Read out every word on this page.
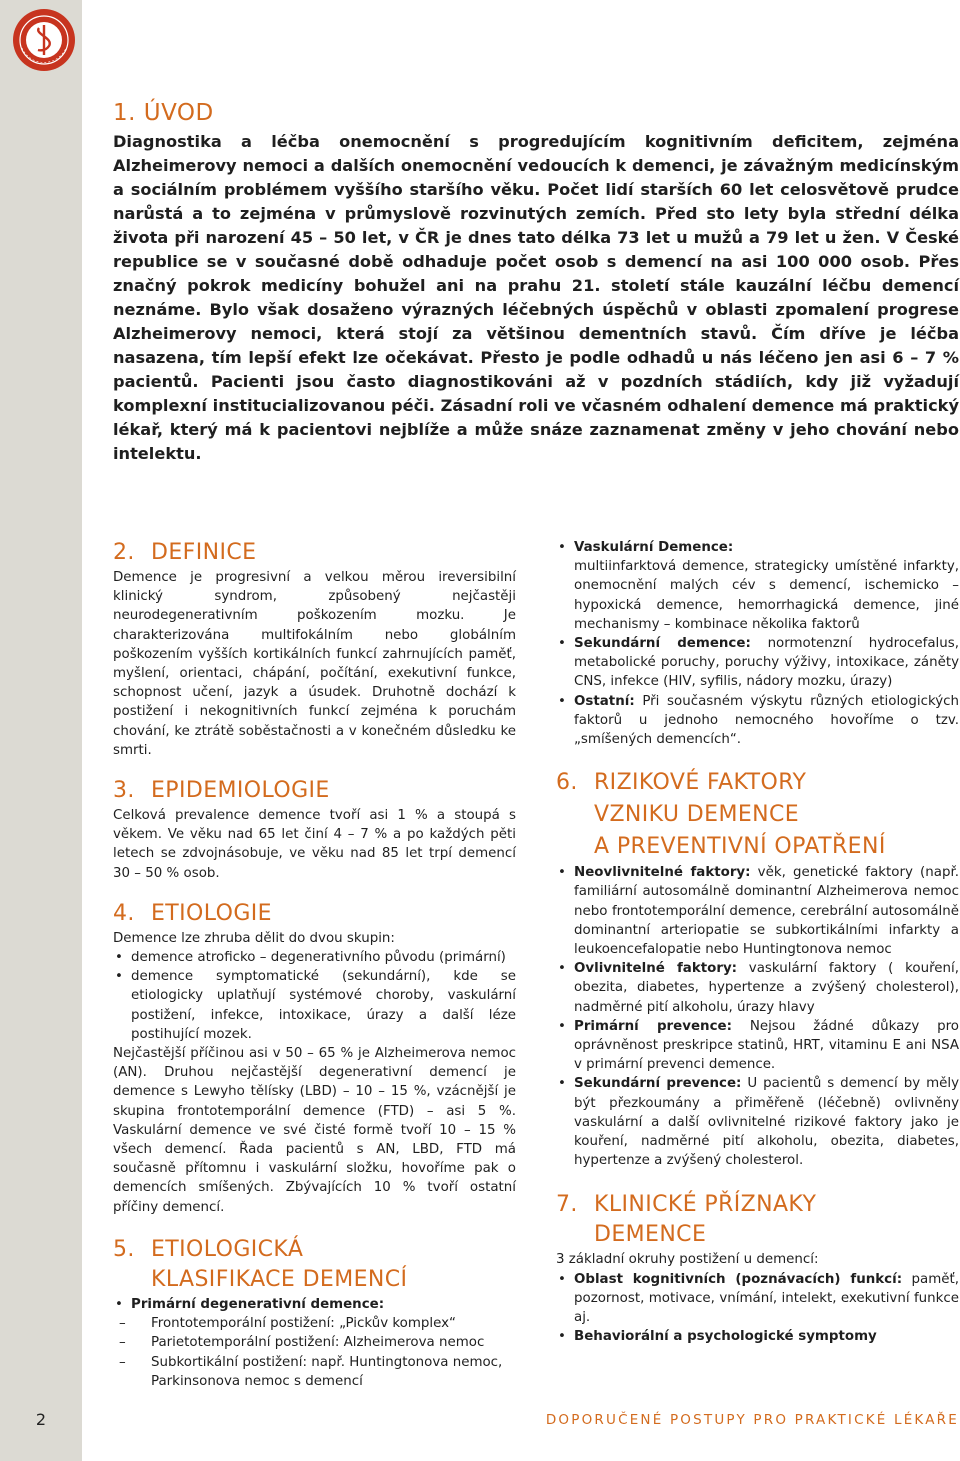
2
1. ÚVOD

Diagnostika a léčba onemocnění s progredujícím kognitivním deficitem, zejména Alzheimerovy nemoci a dalších onemocnění vedoucích k demenci, je závažným medicínským a sociálním problémem vyššího staršího věku. Počet lidí starších 60 let celosvětově prudce narůstá a to zejména v průmyslově rozvinutých zemích. Před sto lety byla střední délka života při narození 45 – 50 let, v ČR je dnes tato délka 73 let u mužů a 79 let u žen. V České republice se v současné době odhaduje počet osob s demencí na asi 100 000 osob. Přes značný pokrok medicíny bohužel ani na prahu 21. století stále kauzální léčbu demencí neznáme. Bylo však dosaženo výrazných léčebných úspěchů v oblasti zpomalení progrese Alzheimerovy nemoci, která stojí za většinou dementních stavů. Čím dříve je léčba nasazena, tím lepší efekt lze očekávat. Přesto je podle odhadů u nás léčeno jen asi 6 – 7 % pacientů. Pacienti jsou často diagnostikováni až v pozdních stádiích, kdy již vyžadují komplexní institucializovanou péči. Zásadní roli ve včasném odhalení demence má praktický lékař, který má k pacientovi nejblíže a může snáze zaznamenat změny v jeho chování nebo intelektu.

2. DEFINICE

Demence je progresivní a velkou měrou ireversibilní klinický syndrom, způsobený nejčastěji neurodegenerativním poškozením mozku. Je charakterizována multifokálním nebo globálním poškozením vyšších kortikálních funkcí zahrnujících paměť, myšlení, orientaci, chápání, počítání, exekutivní funkce, schopnost učení, jazyk a úsudek. Druhotně dochází k postižení i nekognitivních funkcí zejména k poruchám chování, ke ztrátě soběstačnosti a v konečném důsledku ke smrti.

3. EPIDEMIOLOGIE

Celková prevalence demence tvoří asi 1 % a stoupá s věkem. Ve věku nad 65 let činí 4 – 7 % a po každých pěti letech se zdvojnásobuje, ve věku nad 85 let trpí demencí 30 – 50 % osob.

4. ETIOLOGIE

Demence lze zhruba dělit do dvou skupin:

• demence atroficko – degenerativního původu (primární)
• demence symptomatické (sekundární), kde se etiologicky uplatňují systémové choroby, vaskulární postižení, infekce, intoxikace, úrazy a další léze postihující mozek.

Nejčastější příčinou asi v 50 – 65 % je Alzheimerova nemoc (AN). Druhou nejčastější degenerativní demencí je demence s Lewyho tělísky (LBD) – 10 – 15 %, vzácnější je skupina frontotemporální demence (FTD) – asi 5 %. Vaskulární demence ve své čisté formě tvoří 10 – 15 % všech demencí. Řada pacientů s AN, LBD, FTD má současně přítomnu i vaskulární složku, hovoříme pak o demencích smíšených. Zbývajících 10 % tvoří ostatní příčiny demencí.

5. ETIOLOGICKÁ
KLASIFIKACE DEMENCÍ
• Primární degenerativní demence:
– Frontotemporální postižení: „Pickův komplex“
– Parietotemporální postižení: Alzheimerova nemoc
– Subkortikální postižení: např. Huntingtonova nemoc, Parkinsonova nemoc s demencí
• Vaskulární Demence:
multiinfarktová demence, strategicky umístěné infarkty, onemocnění malých cév s demencí, ischemicko – hypoxická demence, hemorrhagická demence, jiné mechanismy – kombinace několika faktorů
• Sekundární demence: normotenzní hydrocefalus, metabolické poruchy, poruchy výživy, intoxikace, záněty CNS, infekce (HIV, syfilis, nádory mozku, úrazy)
• Ostatní: Při současném výskytu různých etiologických faktorů u jednoho nemocného hovoříme o tzv. „smíšených demencích“.
6. RIZIKOVÉ FAKTORY
VZNIKU DEMENCE
A PREVENTIVNÍ OPATŘENÍ
• Neovlivnitelné faktory: věk, genetické faktory (např. familiární autosomálně dominantní Alzheimerova nemoc nebo frontotemporální demence, cerebrální autosomálně dominantní arteriopatie se subkortikálními infarkty a leukoencefalopatie nebo Huntingtonova nemoc
• Ovlivnitelné faktory: vaskulární faktory ( kouření, obezita, diabetes, hypertenze a zvýšený cholesterol), nadměrné pití alkoholu, úrazy hlavy
• Primární prevence: Nejsou žádné důkazy pro oprávněnost preskripce statinů, HRT, vitaminu E ani NSA v primární prevenci demence.
• Sekundární prevence: U pacientů s demencí by měly být přezkoumány a přiměřeně (léčebně) ovlivněny vaskulární a další ovlivnitelné rizikové faktory jako je kouření, nadměrné pití alkoholu, obezita, diabetes, hypertenze a zvýšený cholesterol.
7. KLINICKÉ PŘÍZNAKY
DEMENCE

3 základní okruhy postižení u demencí:

• Oblast kognitivních (poznávacích) funkcí: paměť, pozornost, motivace, vnímání, intelekt, exekutivní funkce aj.
• Behaviorální a psychologické symptomy
DOPORUČENÉ POSTUPY PRO PRAKTICKÉ LÉKAŘE
